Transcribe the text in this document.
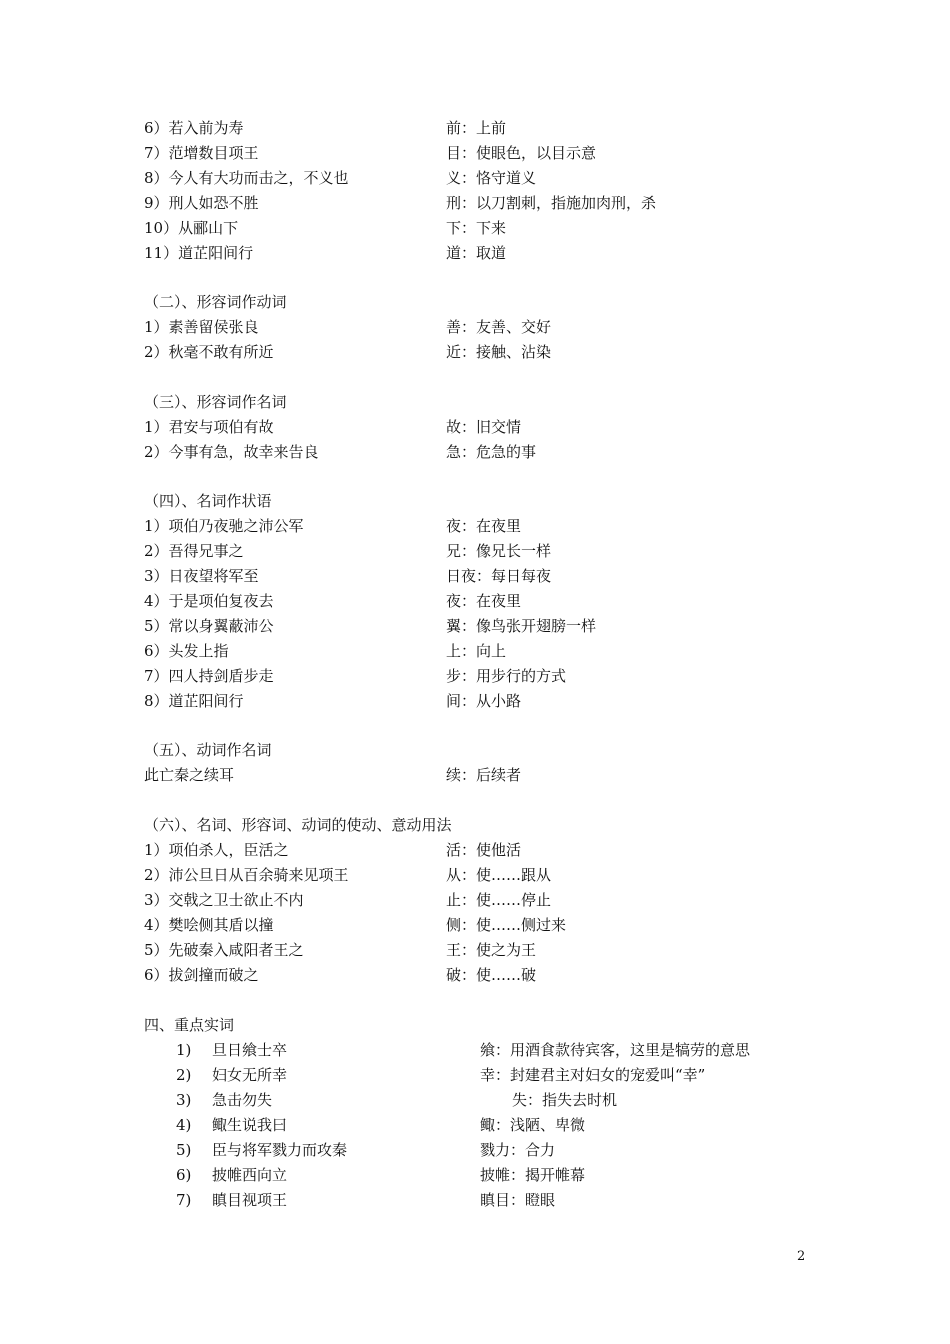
6）若入前为寿	前：上前
7）范增数目项王	目：使眼色，以目示意
8）今人有大功而击之，不义也	义：恪守道义
9）刑人如恐不胜	刑：以刀割刺，指施加肉刑，杀
10）从郦山下	下：下来
11）道芷阳间行	道：取道
（二）、形容词作动词
1）素善留侯张良	善：友善、交好
2）秋毫不敢有所近	近：接触、沾染
（三）、形容词作名词
1）君安与项伯有故	故：旧交情
2）今事有急，故幸来告良	急：危急的事
（四）、名词作状语
1）项伯乃夜驰之沛公军	夜：在夜里
2）吾得兄事之	兄：像兄长一样
3）日夜望将军至	日夜：每日每夜
4）于是项伯复夜去	夜：在夜里
5）常以身翼蔽沛公	翼：像鸟张开翅膀一样
6）头发上指	上：向上
7）四人持剑盾步走	步：用步行的方式
8）道芷阳间行	间：从小路
（五）、动词作名词
此亡秦之续耳	续：后续者
（六）、名词、形容词、动词的使动、意动用法
1）项伯杀人，臣活之	活：使他活
2）沛公旦日从百余骑来见项王	从：使……跟从
3）交戟之卫士欲止不内	止：使……停止
4）樊哙侧其盾以撞	侧：使……侧过来
5）先破秦入咸阳者王之	王：使之为王
6）拔剑撞而破之	破：使……破
四、重点实词
1) 旦日飨士卒	飨：用酒食款待宾客，这里是犒劳的意思
2) 妇女无所幸	幸：封建君主对妇女的宠爱叫“幸”
3) 急击勿失	失：指失去时机
4) 鲰生说我曰	鲰：浅陋、卑微
5) 臣与将军戮力而攻秦	戮力：合力
6) 披帷西向立	披帷：揭开帷幕
7) 瞋目视项王	瞋目：瞪眼
2
